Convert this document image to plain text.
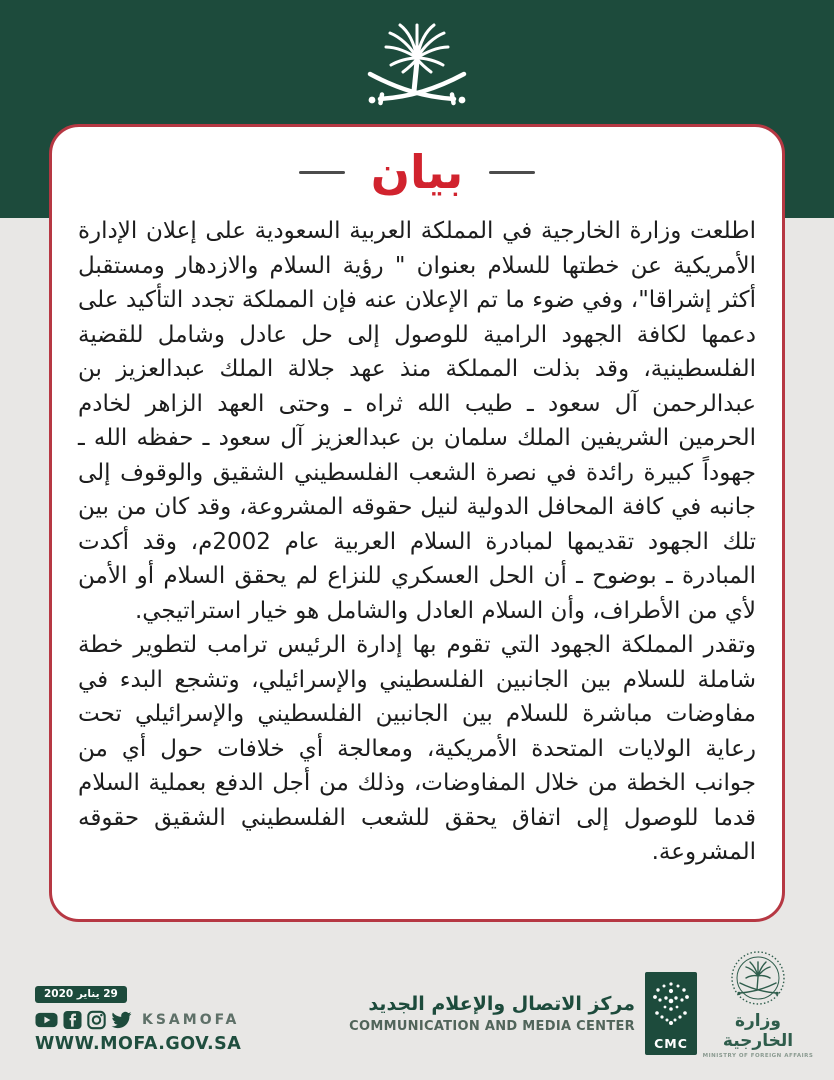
بيان

اطلعت وزارة الخارجية في المملكة العربية السعودية على إعلان الإدارة الأمريكية عن خطتها للسلام بعنوان " رؤية السلام والازدهار ومستقبل أكثر إشراقا"، وفي ضوء ما تم الإعلان عنه فإن المملكة تجدد التأكيد على دعمها لكافة الجهود الرامية للوصول إلى حل عادل وشامل للقضية الفلسطينية، وقد بذلت المملكة منذ عهد جلالة الملك عبدالعزيز بن عبدالرحمن آل سعود ـ طيب الله ثراه ـ وحتى العهد الزاهر لخادم الحرمين الشريفين الملك سلمان بن عبدالعزيز آل سعود ـ حفظه الله ـ جهوداً كبيرة رائدة في نصرة الشعب الفلسطيني الشقيق والوقوف إلى جانبه في كافة المحافل الدولية لنيل حقوقه المشروعة، وقد كان من بين تلك الجهود تقديمها لمبادرة السلام العربية عام 2002م، وقد أكدت المبادرة ـ بوضوح ـ أن الحل العسكري للنزاع لم يحقق السلام أو الأمن لأي من الأطراف، وأن السلام العادل والشامل هو خيار استراتيجي.

وتقدر المملكة الجهود التي تقوم بها إدارة الرئيس ترامب لتطوير خطة شاملة للسلام بين الجانبين الفلسطيني والإسرائيلي، وتشجع البدء في مفاوضات مباشرة للسلام بين الجانبين الفلسطيني والإسرائيلي تحت رعاية الولايات المتحدة الأمريكية، ومعالجة أي خلافات حول أي من جوانب الخطة من خلال المفاوضات، وذلك من أجل الدفع بعملية السلام قدما للوصول إلى اتفاق يحقق للشعب الفلسطيني الشقيق حقوقه المشروعة.

29 يناير 2020
KSAMOFA
WWW.MOFA.GOV.SA
مركز الاتصال والإعلام الجديد
COMMUNICATION AND MEDIA CENTER
CMC
وزارة الخارجية
MINISTRY OF FOREIGN AFFAIRS
